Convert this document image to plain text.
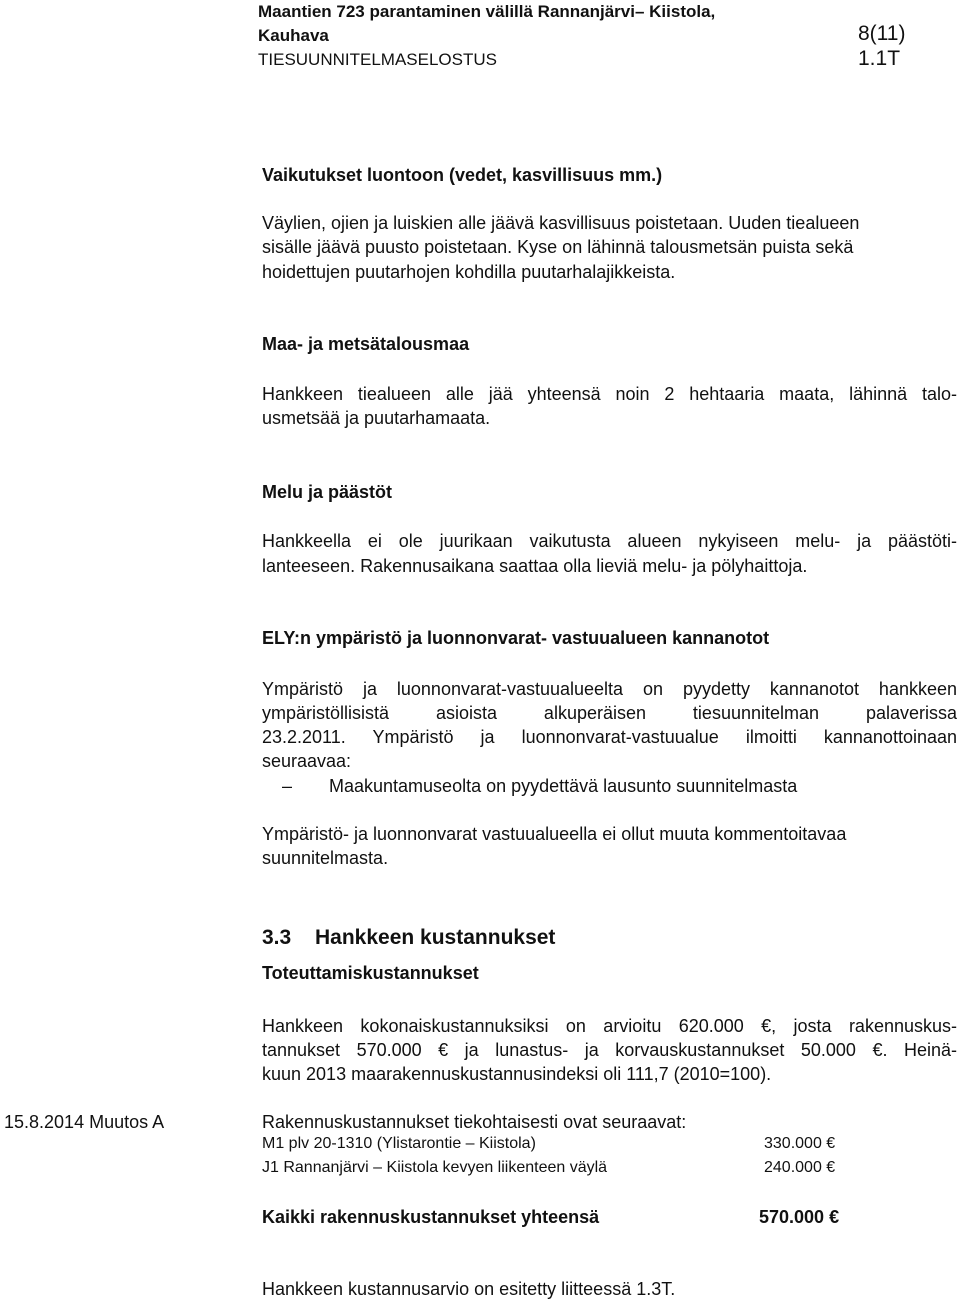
Maantien 723 parantaminen välillä Rannanjärvi– Kiistola,
Kauhava
TIESUUNNITELMASELOSTUS
8(11)
1.1T
Vaikutukset luontoon (vedet, kasvillisuus mm.)
Väylien, ojien ja luiskien alle jäävä kasvillisuus poistetaan. Uuden tiealueen
sisälle jäävä puusto poistetaan. Kyse on lähinnä talousmetsän puista sekä
hoidettujen puutarhojen kohdilla puutarhalajikkeista.
Maa- ja metsätalousmaa
Hankkeen tiealueen alle jää yhteensä noin 2 hehtaaria maata, lähinnä talo-
usmetsää ja puutarhamaata.
Melu ja päästöt
Hankkeella ei ole juurikaan vaikutusta alueen nykyiseen melu- ja päästöti-
lanteeseen. Rakennusaikana saattaa olla lieviä melu- ja pölyhaittoja.
ELY:n ympäristö ja luonnonvarat- vastuualueen kannanotot
Ympäristö ja luonnonvarat-vastuualueelta on pyydetty kannanotot hankkeen
ympäristöllisistä asioista alkuperäisen tiesuunnitelman palaverissa
23.2.2011. Ympäristö ja luonnonvarat-vastuualue ilmoitti kannanottoinaan
seuraavaa:
– Maakuntamuseolta on pyydettävä lausunto suunnitelmasta
Ympäristö- ja luonnonvarat vastuualueella ei ollut muuta kommentoitavaa
suunnitelmasta.
3.3 Hankkeen kustannukset
Toteuttamiskustannukset
Hankkeen kokonaiskustannuksiksi on arvioitu 620.000 €, josta rakennuskus-
tannukset 570.000 € ja lunastus- ja korvauskustannukset 50.000 €. Heinä-
kuun 2013 maarakennuskustannusindeksi oli 111,7 (2010=100).
15.8.2014 Muutos A	Rakennuskustannukset tiekohtaisesti ovat seuraavat:
M1 plv 20-1310 (Ylistarontie – Kiistola)	330.000 €
J1 Rannanjärvi – Kiistola kevyen liikenteen väylä	240.000 €
Kaikki rakennuskustannukset yhteensä	570.000 €
Hankkeen kustannusarvio on esitetty liitteessä 1.3T.
